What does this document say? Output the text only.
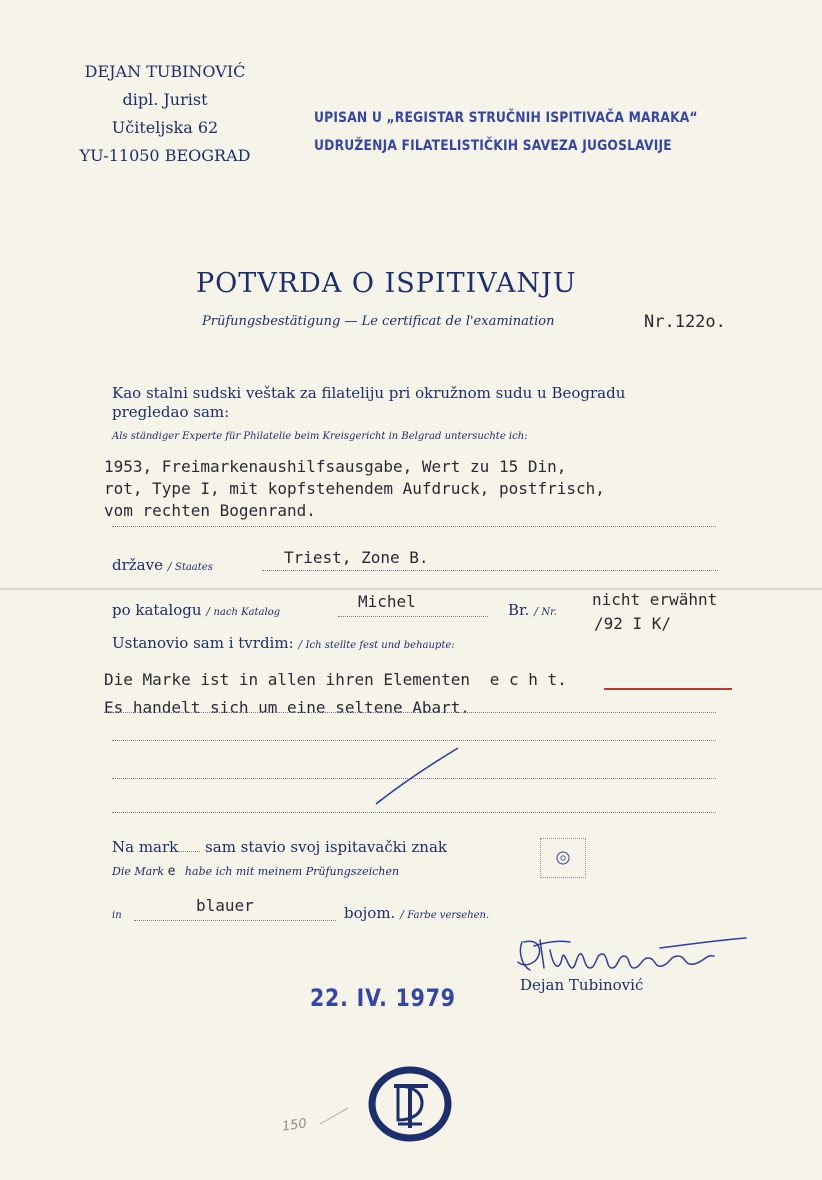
DEJAN TUBINOVIĆ
dipl. Jurist
Učiteljska 62
YU-11050 BEOGRAD
UPISAN U „REGISTAR STRUČNIH ISPITIVAČA MARAKA“
UDRUŽENJA FILATELISTIČKIH SAVEZA JUGOSLAVIJE
POTVRDA O ISPITIVANJU
Prüfungsbestätigung — Le certificat de l'examination	Nr.122o.
Kao stalni sudski veštak za filateliju pri okružnom sudu u Beogradu
pregledao sam:
Als ständiger Experte für Philatelie beim Kreisgericht in Belgrad untersuchte ich:
1953, Freimarkenaushilfsausgabe, Wert zu 15 Din,
rot, Type I, mit kopfstehendem Aufdruck, postfrisch,
vom rechten Bogenrand.
države / Staates
Triest, Zone B.
po katalogu / nach Katalog
Michel	Br. / Nr.
nicht erwähnt
/92 I K/
Ustanovio sam i tvrdim: / Ich stellte fest und behaupte:
Die Marke ist in allen ihren Elementen e c h t.
Es handelt sich um eine seltene Abart.
Na mark sam stavio svoj ispitavački znak
Die Mark e habe ich mit meinem Prüfungszeichen
in
blauer	bojom. / Farbe versehen.
Dejan Tubinović
22. IV. 1979
150
